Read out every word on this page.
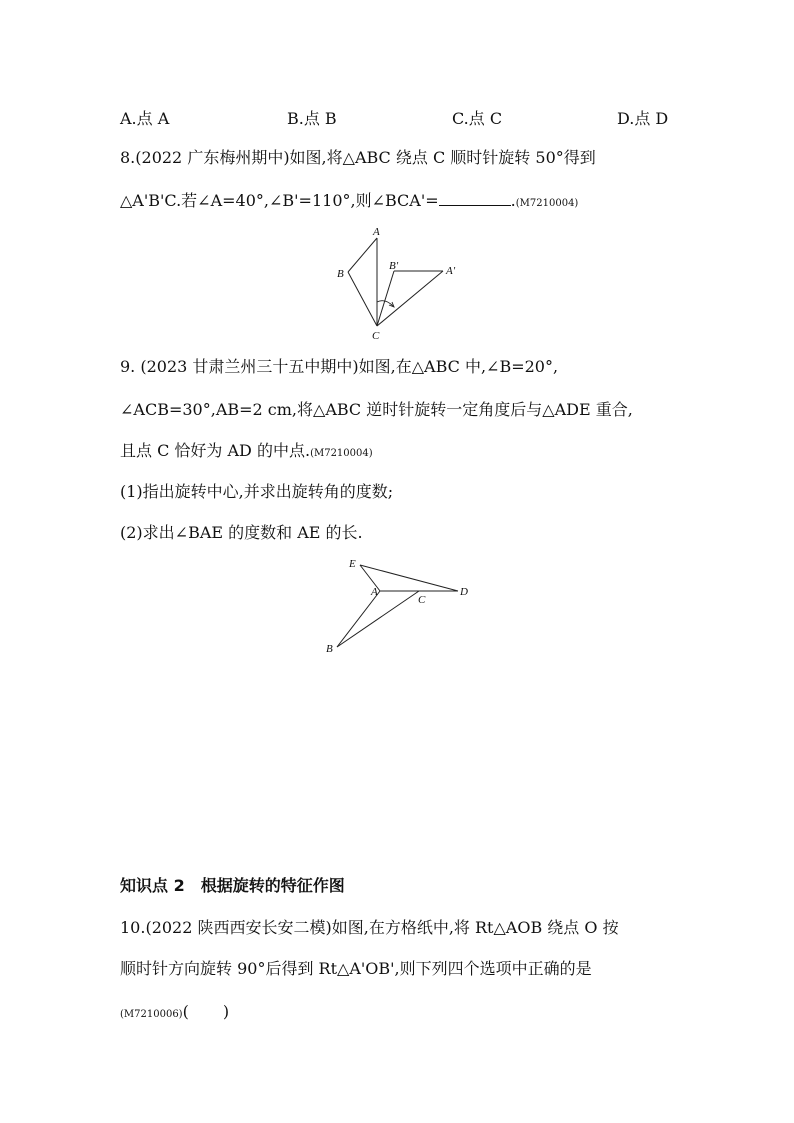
A.点 A	B.点 B	C.点 C	D.点 D
8.(2022 广东梅州期中)如图,将△ABC 绕点 C 顺时针旋转 50°得到
△A'B'C.若∠A=40°,∠B'=110°,则∠BCA'=	.(M7210004)
A
B
C
B′	A′
9. (2023 甘肃兰州三十五中期中)如图,在△ABC 中,∠B=20°,
∠ACB=30°,AB=2 cm,将△ABC 逆时针旋转一定角度后与△ADE 重合,
且点 C 恰好为 AD 的中点.(M7210004)
(1)指出旋转中心,并求出旋转角的度数;
(2)求出∠BAE 的度数和 AE 的长.
E
A
C
D
B
知识点 2　根据旋转的特征作图
10.(2022 陕西西安长安二模)如图,在方格纸中,将 Rt△AOB 绕点 O 按
顺时针方向旋转 90°后得到 Rt△A'OB',则下列四个选项中正确的是
(M7210006)( )
